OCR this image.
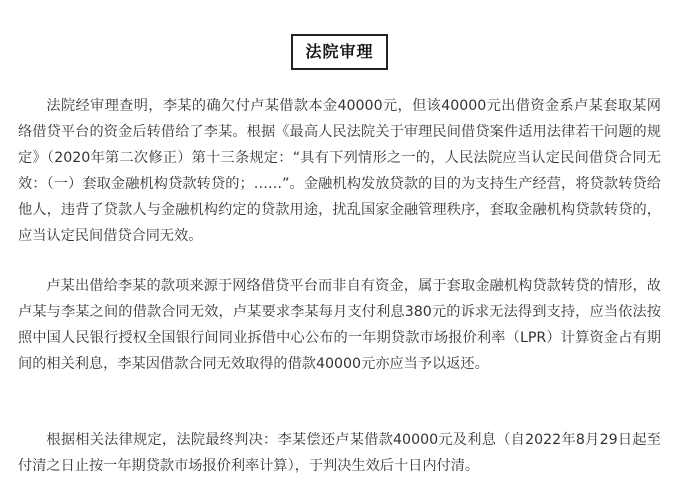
法院审理

法院经审理查明，李某的确欠付卢某借款本金40000元，但该40000元出借资金系卢某套取某网络借贷平台的资金后转借给了李某。根据《最高人民法院关于审理民间借贷案件适用法律若干问题的规定》（2020年第二次修正）第十三条规定：“具有下列情形之一的，人民法院应当认定民间借贷合同无效：（一）套取金融机构贷款转贷的；……”。金融机构发放贷款的目的为支持生产经营，将贷款转贷给他人，违背了贷款人与金融机构约定的贷款用途，扰乱国家金融管理秩序，套取金融机构贷款转贷的，应当认定民间借贷合同无效。

卢某出借给李某的款项来源于网络借贷平台而非自有资金，属于套取金融机构贷款转贷的情形，故卢某与李某之间的借款合同无效，卢某要求李某每月支付利息380元的诉求无法得到支持，应当依法按照中国人民银行授权全国银行间同业拆借中心公布的一年期贷款市场报价利率（LPR）计算资金占有期间的相关利息，李某因借款合同无效取得的借款40000元亦应当予以返还。

根据相关法律规定，法院最终判决：李某偿还卢某借款40000元及利息（自2022年8月29日起至付清之日止按一年期贷款市场报价利率计算），于判决生效后十日内付清。
